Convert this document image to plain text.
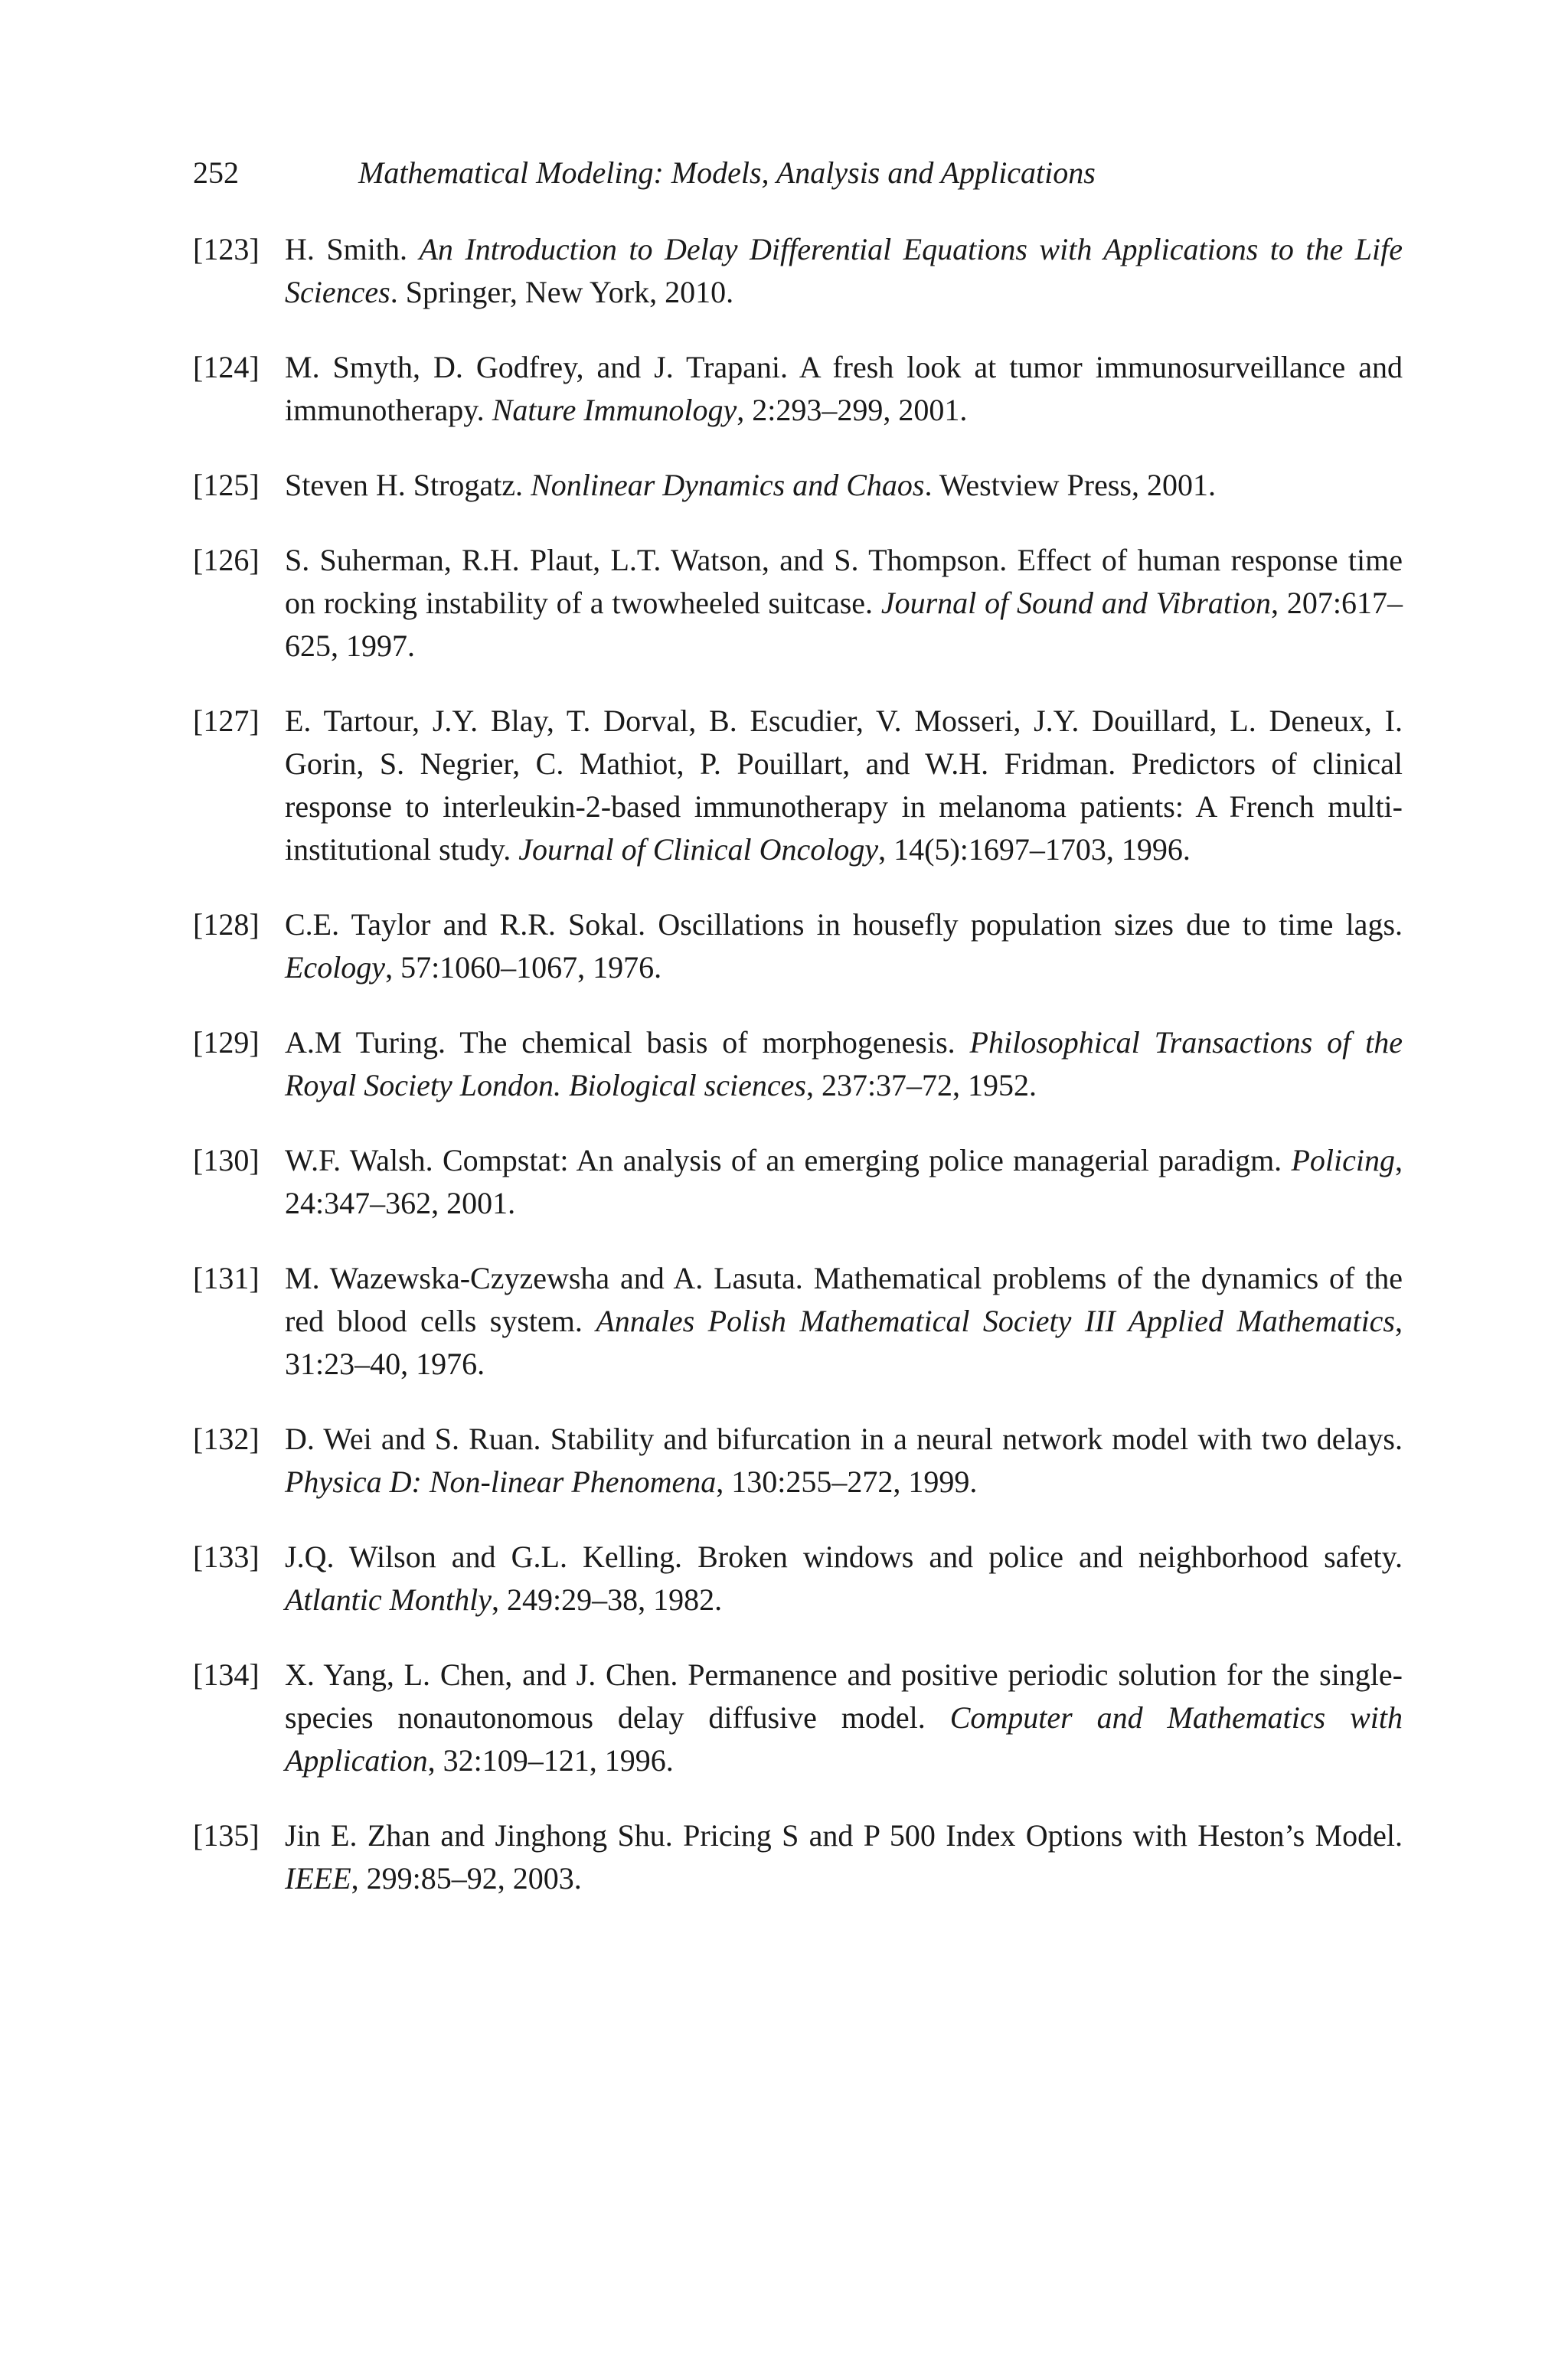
252	Mathematical Modeling: Models, Analysis and Applications
[123] H. Smith. An Introduction to Delay Differential Equations with Applications to the Life Sciences. Springer, New York, 2010.
[124] M. Smyth, D. Godfrey, and J. Trapani. A fresh look at tumor immunosurveillance and immunotherapy. Nature Immunology, 2:293–299, 2001.
[125] Steven H. Strogatz. Nonlinear Dynamics and Chaos. Westview Press, 2001.
[126] S. Suherman, R.H. Plaut, L.T. Watson, and S. Thompson. Effect of human response time on rocking instability of a twowheeled suitcase. Journal of Sound and Vibration, 207:617–625, 1997.
[127] E. Tartour, J.Y. Blay, T. Dorval, B. Escudier, V. Mosseri, J.Y. Douillard, L. Deneux, I. Gorin, S. Negrier, C. Mathiot, P. Pouillart, and W.H. Fridman. Predictors of clinical response to interleukin-2-based immunotherapy in melanoma patients: A French multi-institutional study. Journal of Clinical Oncology, 14(5):1697–1703, 1996.
[128] C.E. Taylor and R.R. Sokal. Oscillations in housefly population sizes due to time lags. Ecology, 57:1060–1067, 1976.
[129] A.M Turing. The chemical basis of morphogenesis. Philosophical Transactions of the Royal Society London. Biological sciences, 237:37–72, 1952.
[130] W.F. Walsh. Compstat: An analysis of an emerging police managerial paradigm. Policing, 24:347–362, 2001.
[131] M. Wazewska-Czyzewsha and A. Lasuta. Mathematical problems of the dynamics of the red blood cells system. Annales Polish Mathematical Society III Applied Mathematics, 31:23–40, 1976.
[132] D. Wei and S. Ruan. Stability and bifurcation in a neural network model with two delays. Physica D: Non-linear Phenomena, 130:255–272, 1999.
[133] J.Q. Wilson and G.L. Kelling. Broken windows and police and neighborhood safety. Atlantic Monthly, 249:29–38, 1982.
[134] X. Yang, L. Chen, and J. Chen. Permanence and positive periodic solution for the single-species nonautonomous delay diffusive model. Computer and Mathematics with Application, 32:109–121, 1996.
[135] Jin E. Zhan and Jinghong Shu. Pricing S and P 500 Index Options with Heston’s Model. IEEE, 299:85–92, 2003.
